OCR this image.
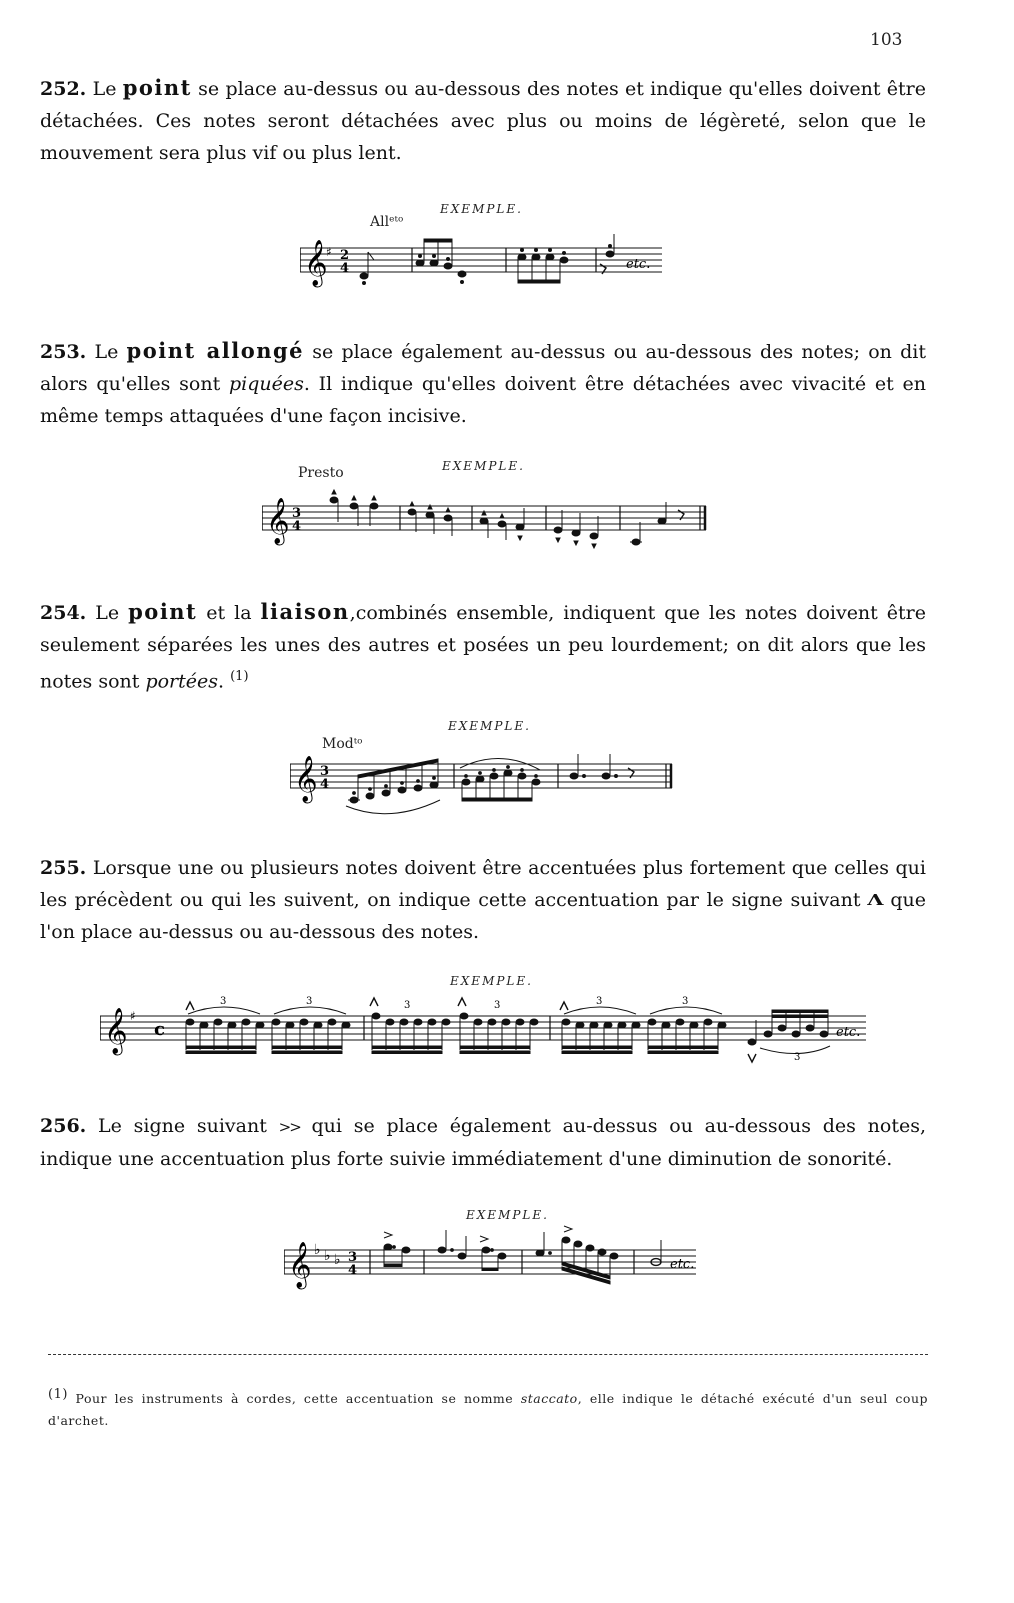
103
252. Le point se place au-dessus ou au-dessous des notes et indique qu'elles doivent être détachées. Ces notes seront détachées avec plus ou moins de légèreté, selon que le mouvement sera plus vif ou plus lent.
EXEMPLE.
Allᵉᵗᵒ
𝄞
♯ 2
4	etc.
253. Le point allongé se place également au-dessus ou au-dessous des notes; on dit alors qu'elles sont piquées. Il indique qu'elles doivent être détachées avec vivacité et en même temps attaquées d'une façon incisive.
EXEMPLE.
Presto
𝄞 3
4
254. Le point et la liaison,combinés ensemble, indiquent que les notes doivent être seulement séparées les unes des autres et posées un peu lourdement; on dit alors que les notes sont portées. $^{(1)}$
EXEMPLE.
Modᵗᵒ
𝄞 3
4
255. Lorsque une ou plusieurs notes doivent être accentuées plus fortement que celles qui les précèdent ou qui les suivent, on indique cette accentuation par le signe suivant Λ que l'on place au-dessus ou au-dessous des notes.
EXEMPLE.
𝄞 ♯
c
3	3	3	3	3	3
3
etc.
256. Le signe suivant >> qui se place également au-dessus ou au-dessous des notes, indique une accentuation plus forte suivie immédiatement d'une diminution de sonorité.
EXEMPLE.
𝄞 ♭ ♭ ♭ 3
4	etc.
(1) Pour les instruments à cordes, cette accentuation se nomme staccato, elle indique le détaché exécuté d'un seul coup d'archet.
